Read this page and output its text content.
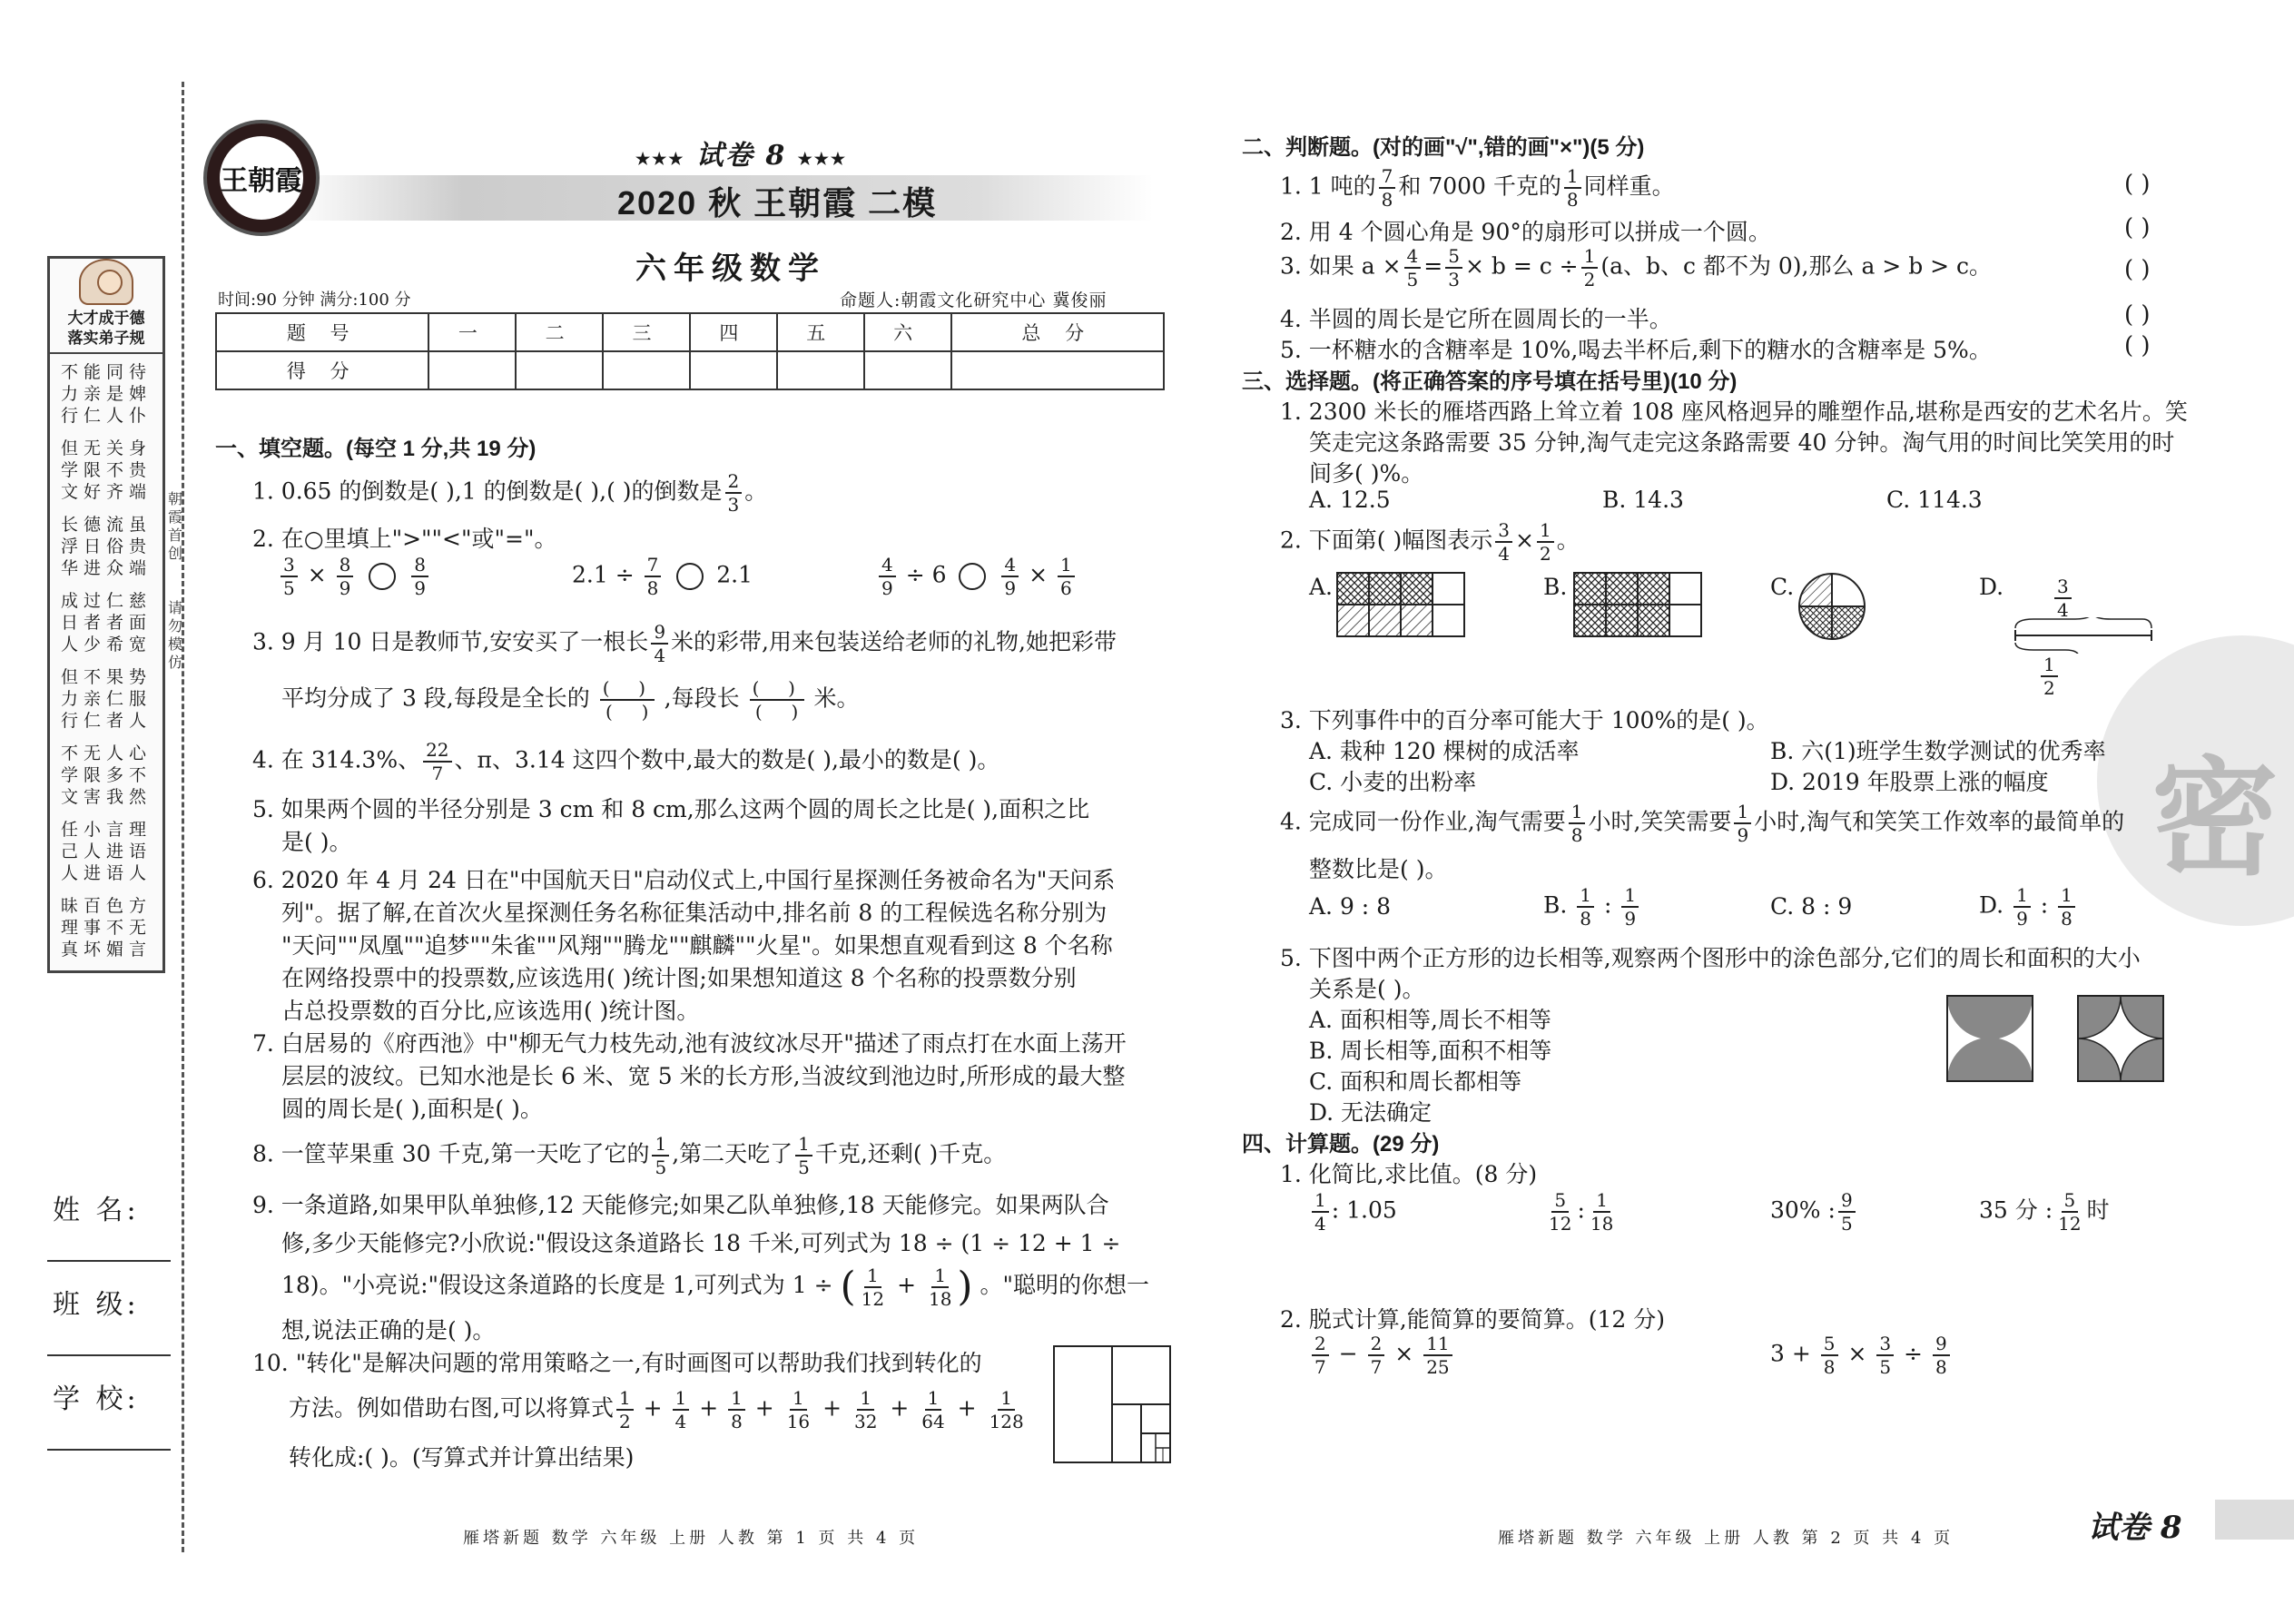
大才成于德
落实弟子规
不能同待
力亲是婢
行仁人仆
但无关身
学限不贵
文好齐端
长德流虽
浮日俗贵
华进众端
成过仁慈
日者者面
人少希宽
但不果势
力亲仁服
行仁者人
不无人心
学限多不
文害我然
任小言理
己人进语
人进语人
昧百色方
理事不无
真坏媚言
朝霞首创
请勿模仿
姓 名:
班 级:
学 校:
王朝霞
★★★ 试卷 8 ★★★
2020 秋 王朝霞 二模
六年级数学
时间:90 分钟 满分:100 分	命题人:朝霞文化研究中心 冀俊丽
题 号	一	二	三	四	五	六	总 分
得 分							
一、填空题。(每空 1 分,共 19 分)
1. 0.65 的倒数是( ),1 的倒数是( ),( )的倒数是 $\frac{2}{3}$ 。
2. 在○里填上">""<"或"="。
$\frac{3}{5} \times \frac{8}{9}$
	$\frac{8}{9}$	$2.1 \div \frac{7}{8} 2.1$	$\frac{4}{9} \div 6$	$\frac{4}{9} \times \frac{1}{6}$
3. 9 月 10 日是教师节,安安买了一根长 $\frac{9}{4}$ 米的彩带,用来包装送给老师的礼物,她把彩带
平均分成了 3 段,每段是全长的 $\frac{( )}{( )}$ ,每段长 $\frac{( )}{( )}$ 米。
4. 在 314.3%、 $\frac{22}{7}$ 、π、3.14 这四个数中,最大的数是( ),最小的数是( )。
5. 如果两个圆的半径分别是 3 cm 和 8 cm,那么这两个圆的周长之比是( ),面积之比
是( )。
6. 2020 年 4 月 24 日在"中国航天日"启动仪式上,中国行星探测任务被命名为"天问系
列"。据了解,在首次火星探测任务名称征集活动中,排名前 8 的工程候选名称分别为
"天问""凤凰""追梦""朱雀""风翔""腾龙""麒麟""火星"。如果想直观看到这 8 个名称
在网络投票中的投票数,应该选用( )统计图;如果想知道这 8 个名称的投票数分别
占总投票数的百分比,应该选用( )统计图。
7. 白居易的《府西池》中"柳无气力枝先动,池有波纹冰尽开"描述了雨点打在水面上荡开
层层的波纹。已知水池是长 6 米、宽 5 米的长方形,当波纹到池边时,所形成的最大整
圆的周长是( ),面积是( )。
8. 一筐苹果重 30 千克,第一天吃了它的 $\frac{1}{5}$ ,第二天吃了 $\frac{1}{5}$ 千克,还剩( )千克。
9. 一条道路,如果甲队单独修,12 天能修完;如果乙队单独修,18 天能修完。如果两队合
修,多少天能修完?小欣说:"假设这条道路长 18 千米,可列式为 18 ÷ (1 ÷ 12 + 1 ÷
18)。"小亮说:"假设这条道路的长度是 1,可列式为 1 ÷ ( $\frac{1}{12} + \frac{1}{18}$ ) 。"聪明的你想一
想,说法正确的是( )。
10. "转化"是解决问题的常用策略之一,有时画图可以帮助我们找到转化的
方法。例如借助右图,可以将算式 $\frac{1}{2} + \frac{1}{4} + \frac{1}{8} + \frac{1}{16} + \frac{1}{32} + \frac{1}{64} + \frac{1}{128}$
转化成:( )。(写算式并计算出结果)
雁塔新题 数学 六年级 上册 人教 第 1 页 共 4 页
密
二、判断题。(对的画"√",错的画"×")(5 分)
1. 1 吨的 $\frac{7}{8}$ 和 7000 千克的 $\frac{1}{8}$ 同样重。	( )
2. 用 4 个圆心角是 90°的扇形可以拼成一个圆。	( )
3. 如果 $a \times \frac{4}{5} = \frac{5}{3} \times b = c \div \frac{1}{2} (a$、b、c 都不为 0),那么 a > b > c。	( )
4. 半圆的周长是它所在圆周长的一半。	( )
5. 一杯糖水的含糖率是 10%,喝去半杯后,剩下的糖水的含糖率是 5%。	( )
三、选择题。(将正确答案的序号填在括号里)(10 分)
1. 2300 米长的雁塔西路上耸立着 108 座风格迥异的雕塑作品,堪称是西安的艺术名片。笑
笑走完这条路需要 35 分钟,淘气走完这条路需要 40 分钟。淘气用的时间比笑笑用的时
间多( )%。
A. 12.5	B. 14.3	C. 114.3
2. 下面第( )幅图表示 $\frac{3}{4} \times \frac{1}{2}$ 。
A.	B.	C.	D.	$\frac{3}{4}$
$\frac{1}{2}$
3. 下列事件中的百分率可能大于 100%的是( )。
A. 栽种 120 棵树的成活率	B. 六(1)班学生数学测试的优秀率
C. 小麦的出粉率	D. 2019 年股票上涨的幅度
4. 完成同一份作业,淘气需要 $\frac{1}{8}$ 小时,笑笑需要 $\frac{1}{9}$ 小时,淘气和笑笑工作效率的最简单的
整数比是( )。
A. 9 : 8	B. $\frac{1}{8}$ : $\frac{1}{9}$	C. 8 : 9	D. $\frac{1}{9}$ : $\frac{1}{8}$
5. 下图中两个正方形的边长相等,观察两个图形中的涂色部分,它们的周长和面积的大小
关系是( )。
A. 面积相等,周长不相等
B. 周长相等,面积不相等
C. 面积和周长都相等
D. 无法确定
四、计算题。(29 分)
1. 化简比,求比值。(8 分)
$\frac{1}{4}$ : 1.05	$\frac{5}{12}$ : $\frac{1}{18}$	30% : $\frac{9}{5}$	35 分 : $\frac{5}{12}$ 时
2. 脱式计算,能简算的要简算。(12 分)
$\frac{2}{7} - \frac{2}{7} \times \frac{11}{25}$	$3 + \frac{5}{8} \times \frac{3}{5} \div \frac{9}{8}$
雁塔新题 数学 六年级 上册 人教 第 2 页 共 4 页	试卷 8
